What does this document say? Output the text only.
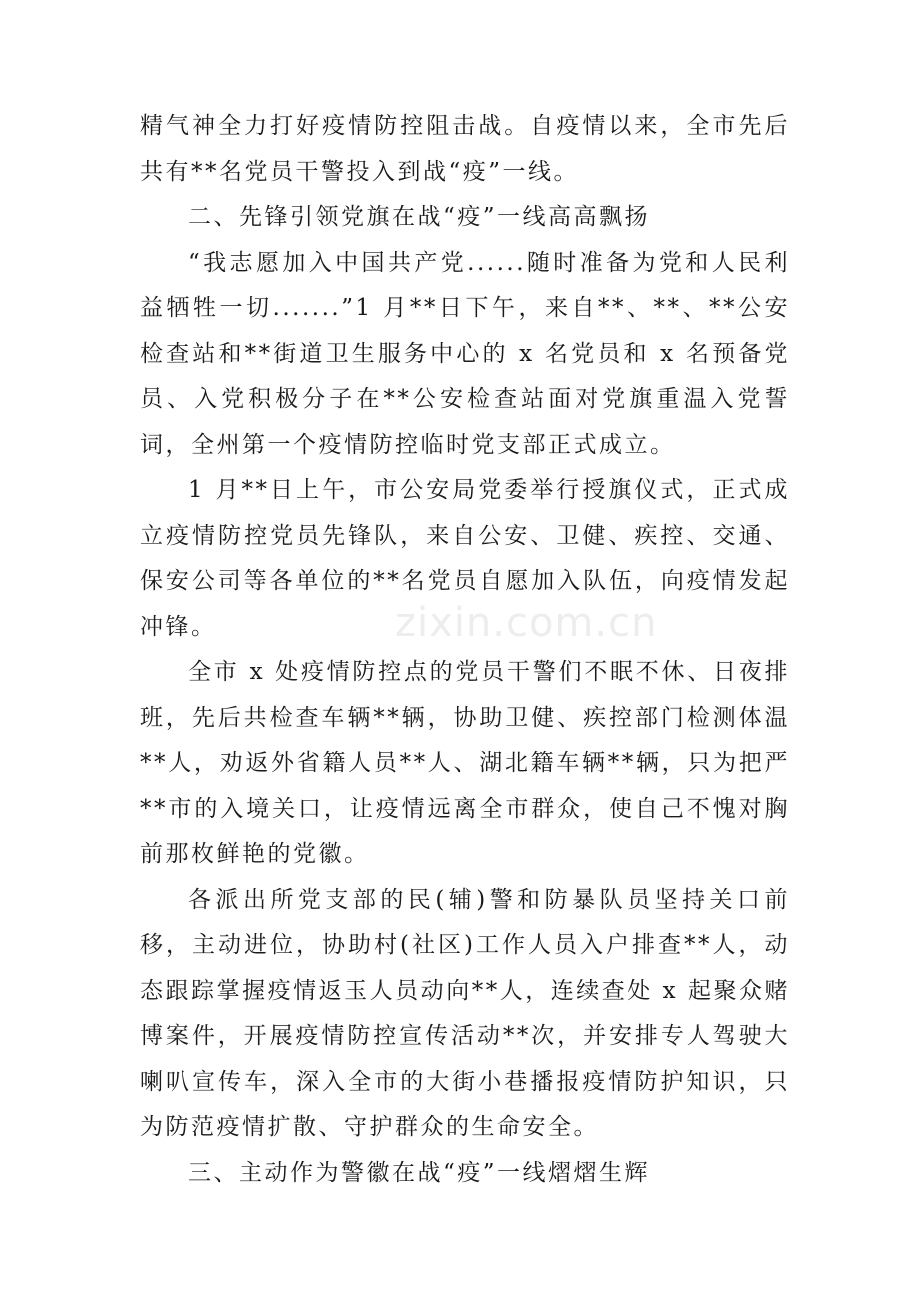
精气神全力打好疫情防控阻击战。自疫情以来，全市先后共有**名党员干警投入到战“疫”一线。

二、先锋引领党旗在战“疫”一线高高飘扬

“我志愿加入中国共产党......随时准备为党和人民利益牺牲一切.......”1 月**日下午，来自**、**、**公安检查站和**街道卫生服务中心的 x 名党员和 x 名预备党员、入党积极分子在**公安检查站面对党旗重温入党誓词，全州第一个疫情防控临时党支部正式成立。

1 月**日上午，市公安局党委举行授旗仪式，正式成立疫情防控党员先锋队，来自公安、卫健、疾控、交通、保安公司等各单位的**名党员自愿加入队伍，向疫情发起冲锋。

全市 x 处疫情防控点的党员干警们不眠不休、日夜排班，先后共检查车辆**辆，协助卫健、疾控部门检测体温**人，劝返外省籍人员**人、湖北籍车辆**辆，只为把严**市的入境关口，让疫情远离全市群众，使自己不愧对胸前那枚鲜艳的党徽。

各派出所党支部的民(辅)警和防暴队员坚持关口前移，主动进位，协助村(社区)工作人员入户排查**人，动态跟踪掌握疫情返玉人员动向**人，连续查处 x 起聚众赌博案件，开展疫情防控宣传活动**次，并安排专人驾驶大喇叭宣传车，深入全市的大街小巷播报疫情防护知识，只为防范疫情扩散、守护群众的生命安全。

三、主动作为警徽在战“疫”一线熠熠生辉

zixin.com.cn
